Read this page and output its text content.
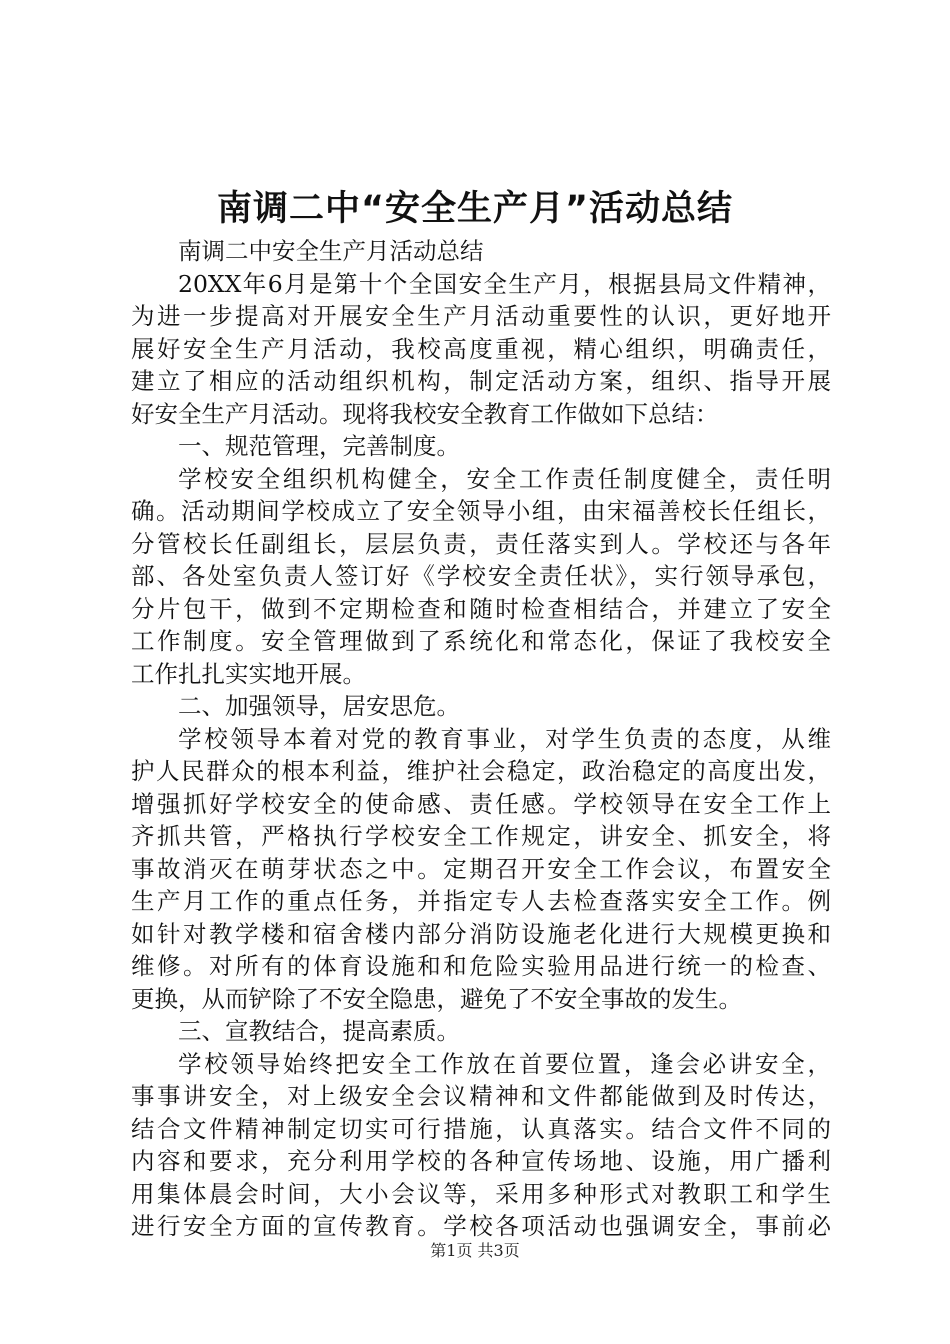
南调二中“安全生产月”活动总结
南调二中安全生产月活动总结
20XX年6月是第十个全国安全生产月，根据县局文件精神，
为进一步提高对开展安全生产月活动重要性的认识，更好地开
展好安全生产月活动，我校高度重视，精心组织，明确责任，
建立了相应的活动组织机构，制定活动方案，组织、指导开展
好安全生产月活动。现将我校安全教育工作做如下总结：
一、规范管理，完善制度。
学校安全组织机构健全，安全工作责任制度健全，责任明
确。活动期间学校成立了安全领导小组，由宋福善校长任组长，
分管校长任副组长，层层负责，责任落实到人。学校还与各年
部、各处室负责人签订好《学校安全责任状》，实行领导承包，
分片包干，做到不定期检查和随时检查相结合，并建立了安全
工作制度。安全管理做到了系统化和常态化，保证了我校安全
工作扎扎实实地开展。
二、加强领导，居安思危。
学校领导本着对党的教育事业，对学生负责的态度，从维
护人民群众的根本利益，维护社会稳定，政治稳定的高度出发，
增强抓好学校安全的使命感、责任感。学校领导在安全工作上
齐抓共管，严格执行学校安全工作规定，讲安全、抓安全，将
事故消灭在萌芽状态之中。定期召开安全工作会议，布置安全
生产月工作的重点任务，并指定专人去检查落实安全工作。例
如针对教学楼和宿舍楼内部分消防设施老化进行大规模更换和
维修。对所有的体育设施和和危险实验用品进行统一的检查、
更换，从而铲除了不安全隐患，避免了不安全事故的发生。
三、宣教结合，提高素质。
学校领导始终把安全工作放在首要位置，逢会必讲安全，
事事讲安全，对上级安全会议精神和文件都能做到及时传达，
结合文件精神制定切实可行措施，认真落实。结合文件不同的
内容和要求，充分利用学校的各种宣传场地、设施，用广播利
用集体晨会时间，大小会议等，采用多种形式对教职工和学生
进行安全方面的宣传教育。学校各项活动也强调安全，事前必
第1页 共3页
